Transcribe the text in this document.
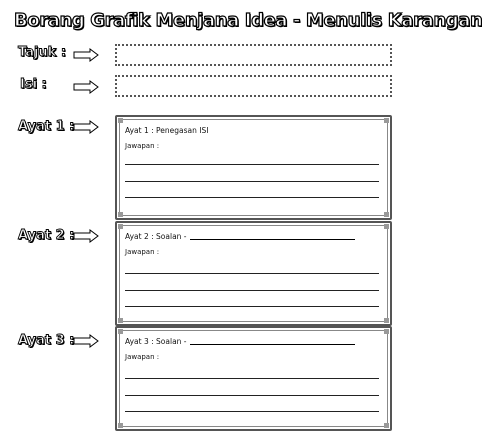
Borang Grafik Menjana Idea - Menulis Karangan
Tajuk :
Isi :
Ayat 1 :	Ayat 1 : Penegasan ISI
Jawapan :
Ayat 2 :	Ayat 2 : Soalan -
Jawapan :
Ayat 3 :	Ayat 3 : Soalan -
Jawapan :
